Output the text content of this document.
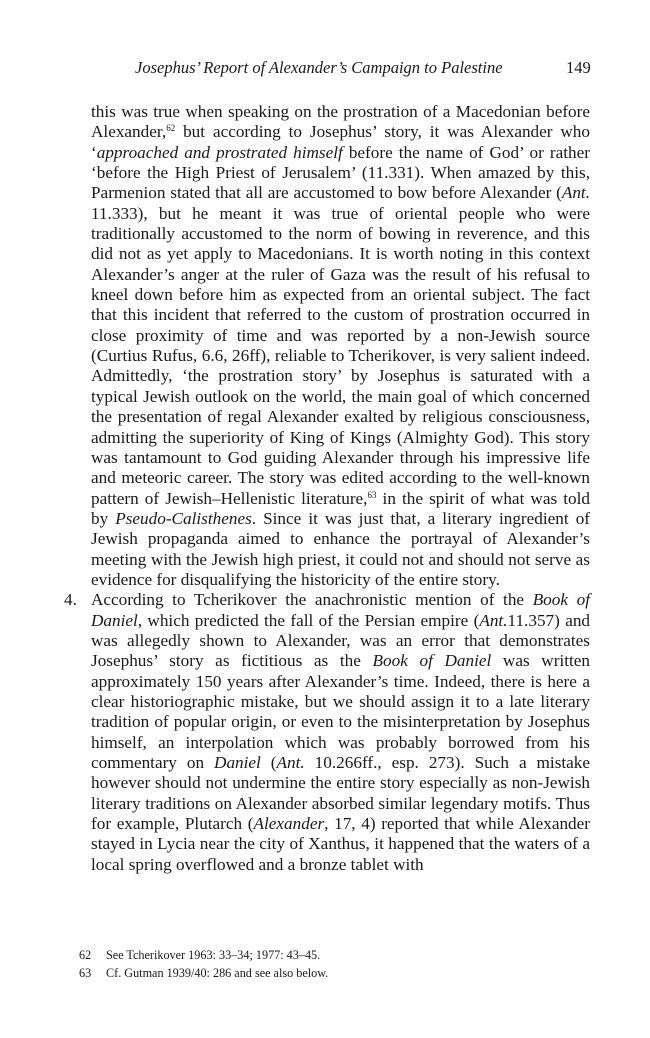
Josephus’ Report of Alexander’s Campaign to Palestine	149

this was true when speaking on the prostration of a Macedonian before Alexander,$^{62}$ but according to Josephus’ story, it was Alexander who ‘approached and prostrated himself before the name of God’ or rather ‘before the High Priest of Jerusalem’ (11.331). When amazed by this, Parmenion stated that all are accustomed to bow before Alexander (Ant. 11.333), but he meant it was true of oriental people who were traditionally accustomed to the norm of bowing in reverence, and this did not as yet apply to Macedonians. It is worth noting in this context Alexander’s anger at the ruler of Gaza was the result of his refusal to kneel down before him as expected from an oriental subject. The fact that this incident that referred to the custom of prostration occurred in close proximity of time and was reported by a non-Jewish source (Curtius Rufus, 6.6, 26ff), reliable to Tcherikover, is very salient indeed. Admittedly, ‘the prostration story’ by Josephus is saturated with a typical Jewish outlook on the world, the main goal of which concerned the presentation of regal Alexander exalted by religious consciousness, admitting the superiority of King of Kings (Almighty God). This story was tantamount to God guiding Alexander through his impressive life and meteoric career. The story was edited according to the well-known pattern of Jewish–Hellenistic literature,$^{63}$ in the spirit of what was told by Pseudo-Calisthenes. Since it was just that, a literary ingredient of Jewish propaganda aimed to enhance the portrayal of Alexander’s meeting with the Jewish high priest, it could not and should not serve as evidence for disqualifying the historicity of the entire story.

4. According to Tcherikover the anachronistic mention of the Book of Daniel, which predicted the fall of the Persian empire (Ant.11.357) and was allegedly shown to Alexander, was an error that demonstrates Josephus’ story as fictitious as the Book of Daniel was written approximately 150 years after Alexander’s time. Indeed, there is here a clear historiographic mistake, but we should assign it to a late literary tradition of popular origin, or even to the misinterpretation by Josephus himself, an interpolation which was probably borrowed from his commentary on Daniel (Ant. 10.266ff., esp. 273). Such a mistake however should not undermine the entire story especially as non-Jewish literary traditions on Alexander absorbed similar legendary motifs. Thus for example, Plutarch (Alexander, 17, 4) reported that while Alexander stayed in Lycia near the city of Xanthus, it happened that the waters of a local spring overflowed and a bronze tablet with

62 See Tcherikover 1963: 33–34; 1977: 43–45.
63 Cf. Gutman 1939/40: 286 and see also below.
